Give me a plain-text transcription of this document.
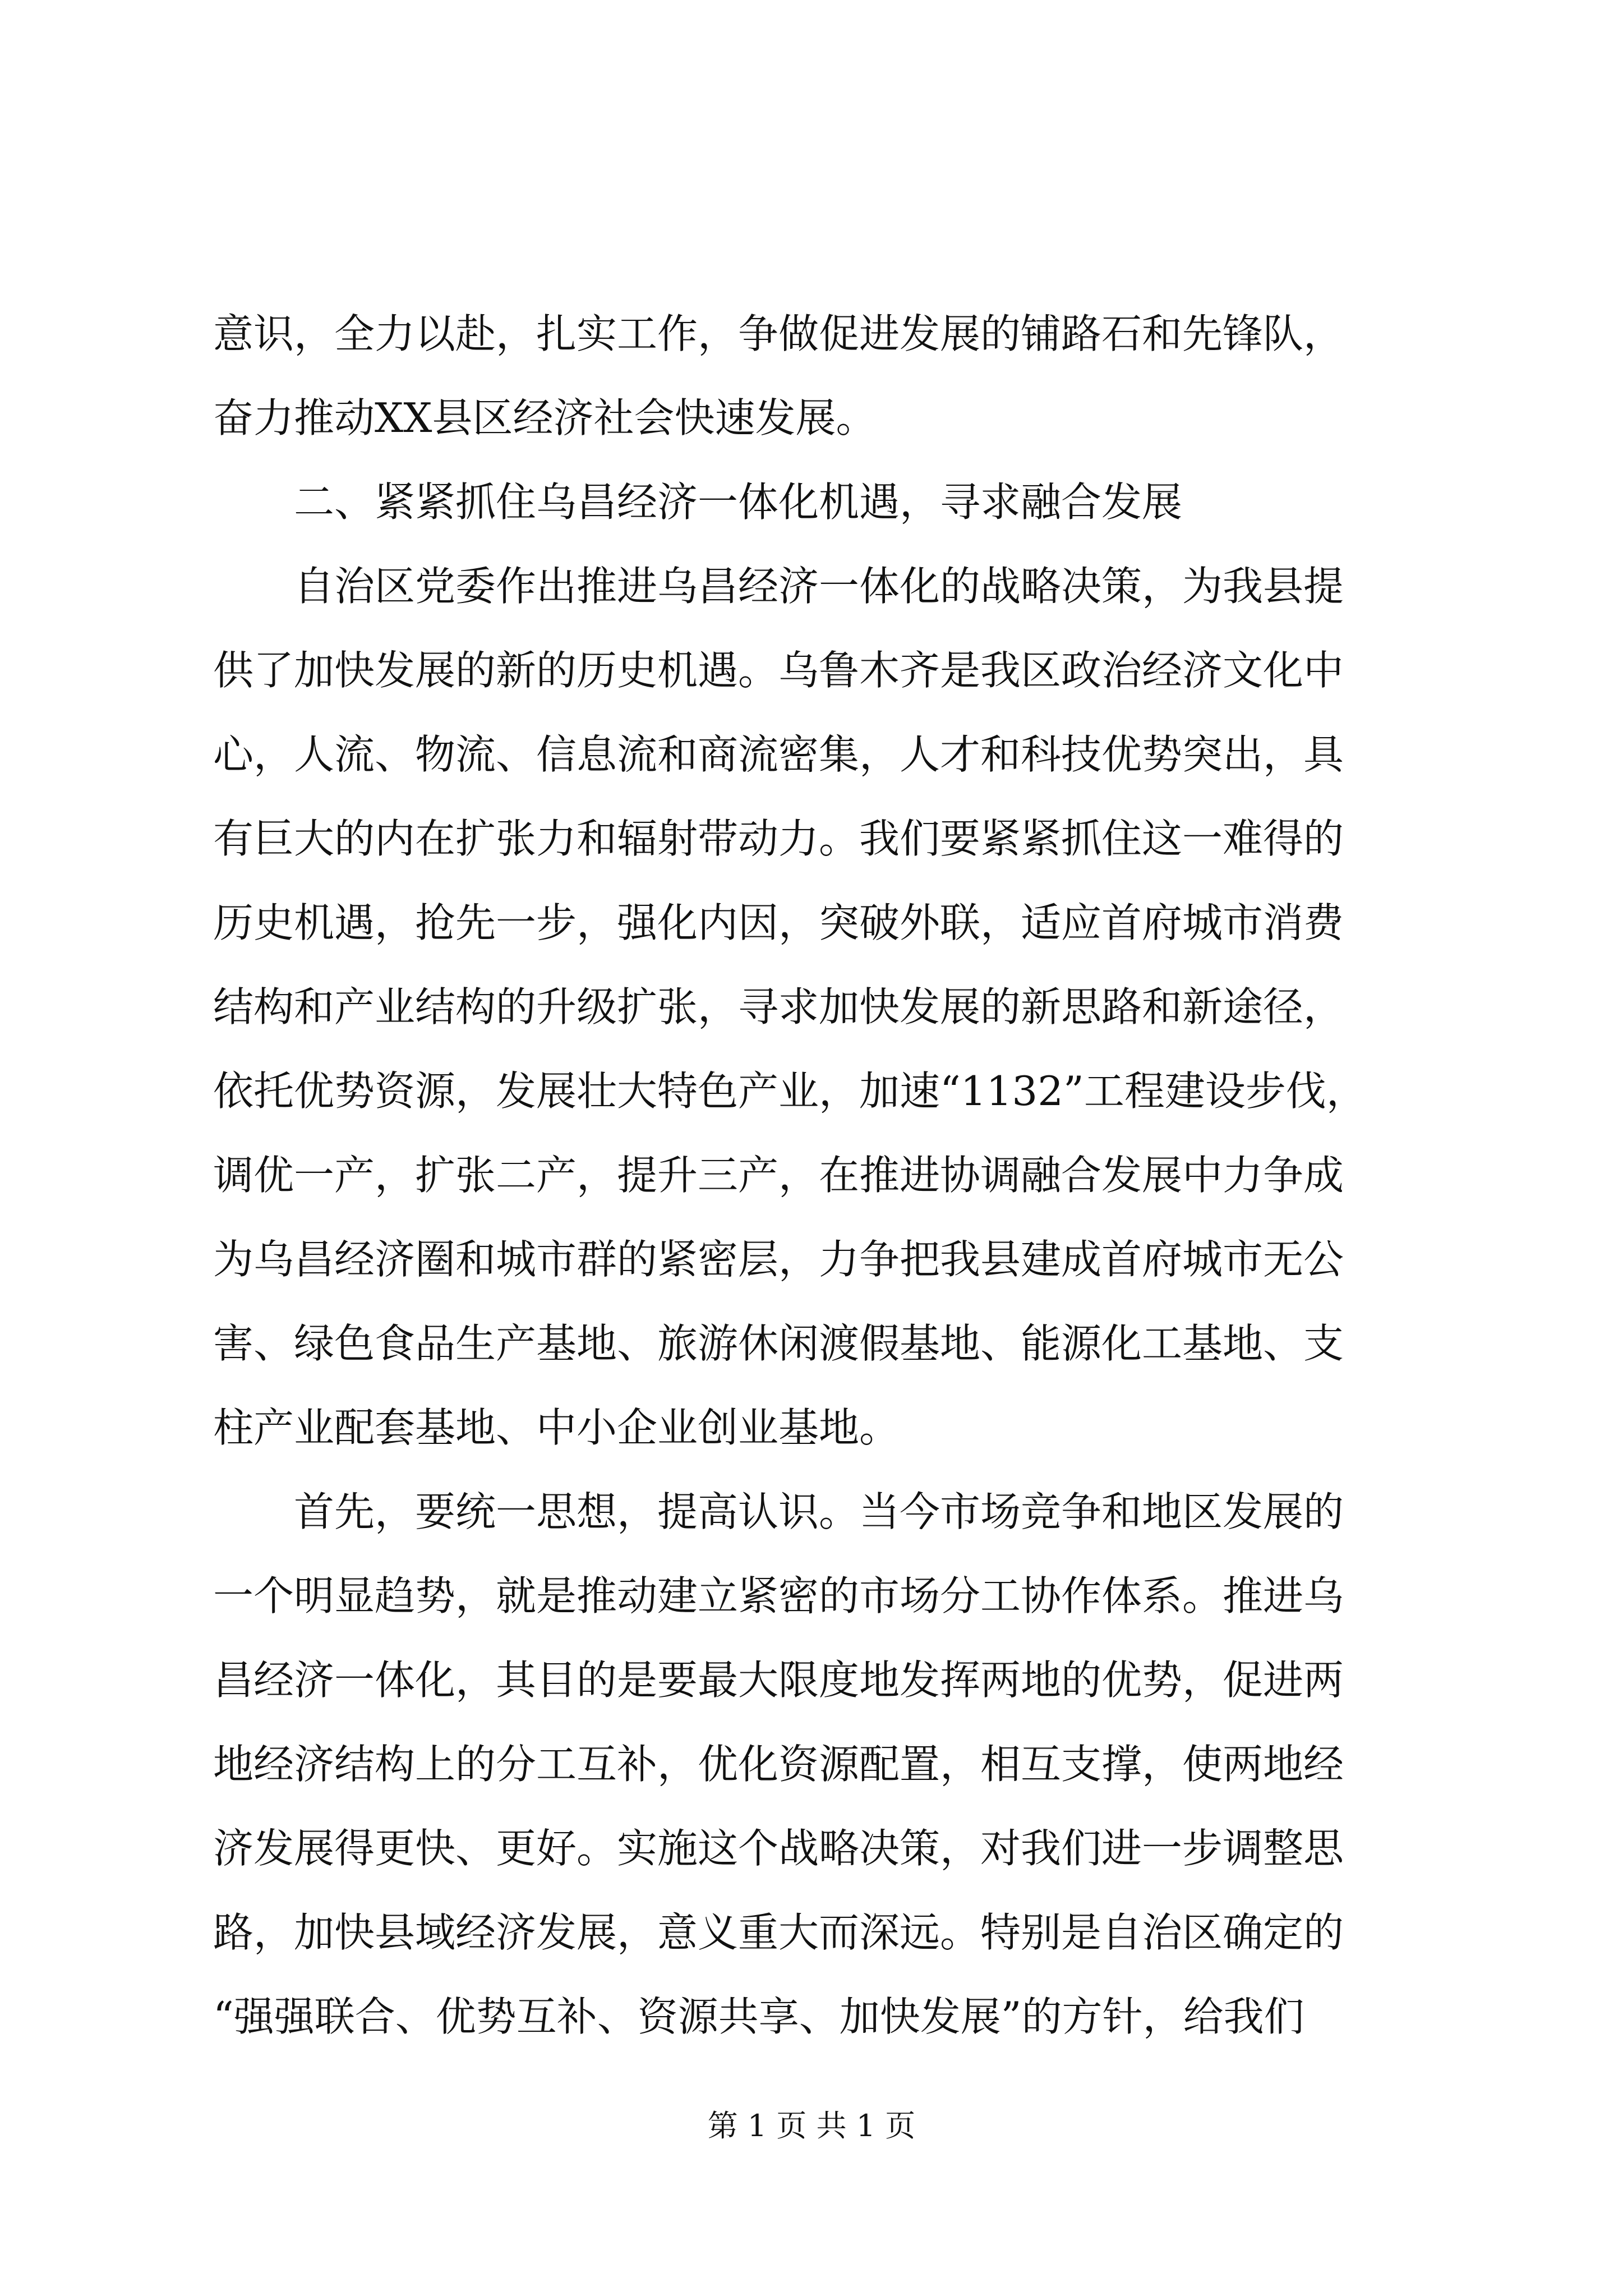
意识，全力以赴，扎实工作，争做促进发展的铺路石和先锋队，
奋力推动XX县区经济社会快速发展。
　　二、紧紧抓住乌昌经济一体化机遇，寻求融合发展
　　自治区党委作出推进乌昌经济一体化的战略决策，为我县提
供了加快发展的新的历史机遇。乌鲁木齐是我区政治经济文化中
心，人流、物流、信息流和商流密集，人才和科技优势突出，具
有巨大的内在扩张力和辐射带动力。我们要紧紧抓住这一难得的
历史机遇，抢先一步，强化内因，突破外联，适应首府城市消费
结构和产业结构的升级扩张，寻求加快发展的新思路和新途径，
依托优势资源，发展壮大特色产业，加速“1132”工程建设步伐，
调优一产，扩张二产，提升三产，在推进协调融合发展中力争成
为乌昌经济圈和城市群的紧密层，力争把我县建成首府城市无公
害、绿色食品生产基地、旅游休闲渡假基地、能源化工基地、支
柱产业配套基地、中小企业创业基地。
　　首先，要统一思想，提高认识。当今市场竞争和地区发展的
一个明显趋势，就是推动建立紧密的市场分工协作体系。推进乌
昌经济一体化，其目的是要最大限度地发挥两地的优势，促进两
地经济结构上的分工互补，优化资源配置，相互支撑，使两地经
济发展得更快、更好。实施这个战略决策，对我们进一步调整思
路，加快县域经济发展，意义重大而深远。特别是自治区确定的
“强强联合、优势互补、资源共享、加快发展”的方针，给我们
第 1 页 共 1 页
